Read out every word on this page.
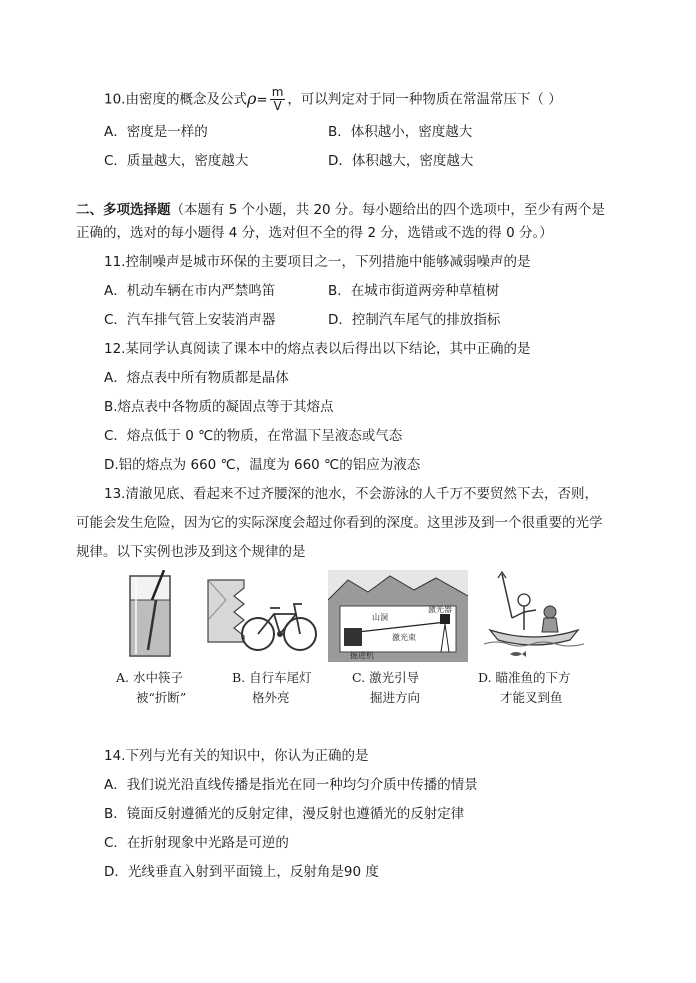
10.由密度的概念及公式$\rho= \frac{m}{V}$ ，可以判定对于同一种物质在常温常压下（ ）
A．密度是一样的	B．体积越小，密度越大
C．质量越大，密度越大	D．体积越大，密度越大
二、多项选择题（本题有 5 个小题，共 20 分。每小题给出的四个选项中，至少有两个是
正确的，选对的每小题得 4 分，选对但不全的得 2 分，选错或不选的得 0 分。）
11.控制噪声是城市环保的主要项目之一，下列措施中能够减弱噪声的是
A．机动车辆在市内严禁鸣笛	B．在城市街道两旁种草植树
C．汽车排气管上安装消声器	D．控制汽车尾气的排放指标
12.某同学认真阅读了课本中的熔点表以后得出以下结论，其中正确的是
A．熔点表中所有物质都是晶体
B.熔点表中各物质的凝固点等于其熔点
C．熔点低于 0 ℃的物质，在常温下呈液态或气态
D.铝的熔点为 660 ℃，温度为 660 ℃的铝应为液态
13.清澈见底、看起来不过齐腰深的池水，不会游泳的人千万不要贸然下去，否则，
可能会发生危险，因为它的实际深度会超过你看到的深度。这里涉及到一个很重要的光学
规律。以下实例也涉及到这个规律的是
山洞
激光器
激光束
掘进机
A. 水中筷子
被“折断”
B. 自行车尾灯
格外亮
C. 激光引导
掘进方向
D. 瞄准鱼的下方
才能叉到鱼
14.下列与光有关的知识中，你认为正确的是
A．我们说光沿直线传播是指光在同一种均匀介质中传播的情景
B．镜面反射遵循光的反射定律，漫反射也遵循光的反射定律
C．在折射现象中光路是可逆的
D．光线垂直入射到平面镜上，反射角是90 度
